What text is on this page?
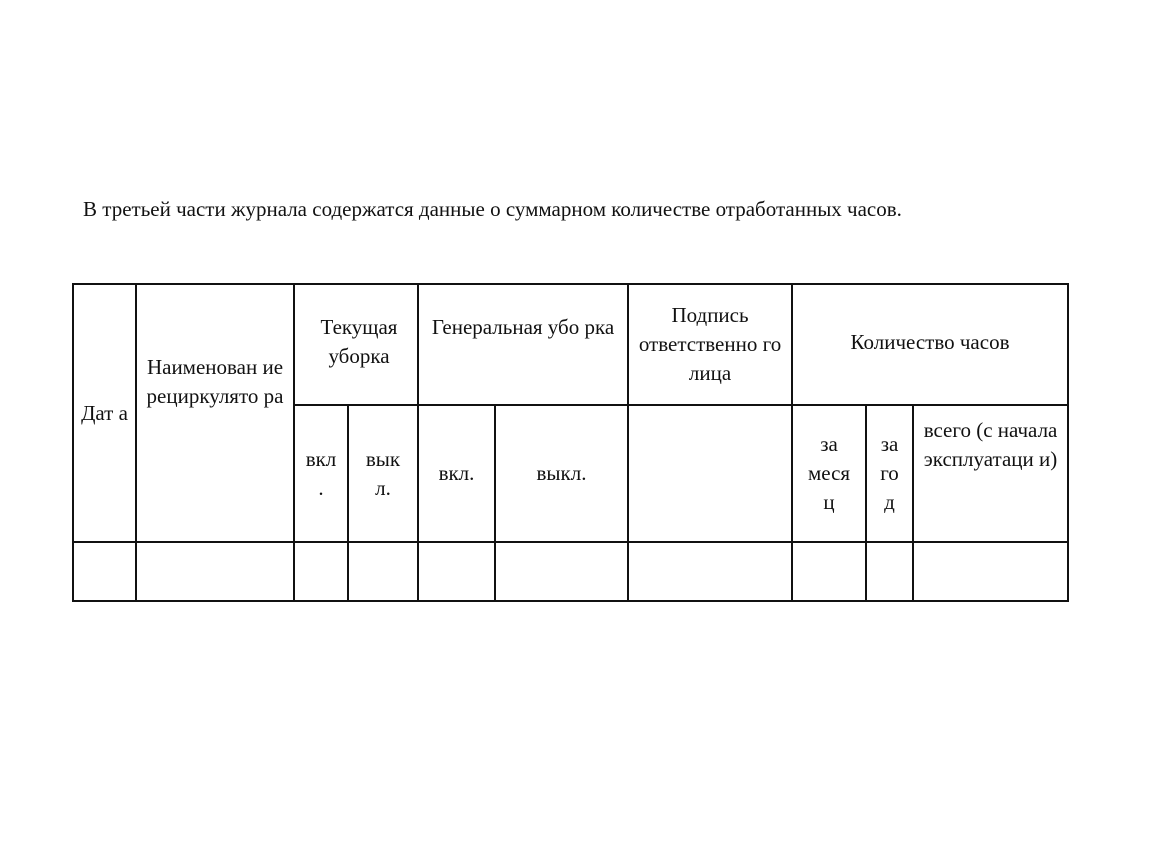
В третьей части журнала содержатся данные о суммарном количестве отработанных часов.

Дат а	Наименован ие рециркулято ра	Текущая уборка		Генеральная убо рка		Подпись ответственно го лица	Количество часов		

		вкл .	вык л.	вкл.	выкл.		за меся ц	за го д	всего (с начала эксплуатаци и)
